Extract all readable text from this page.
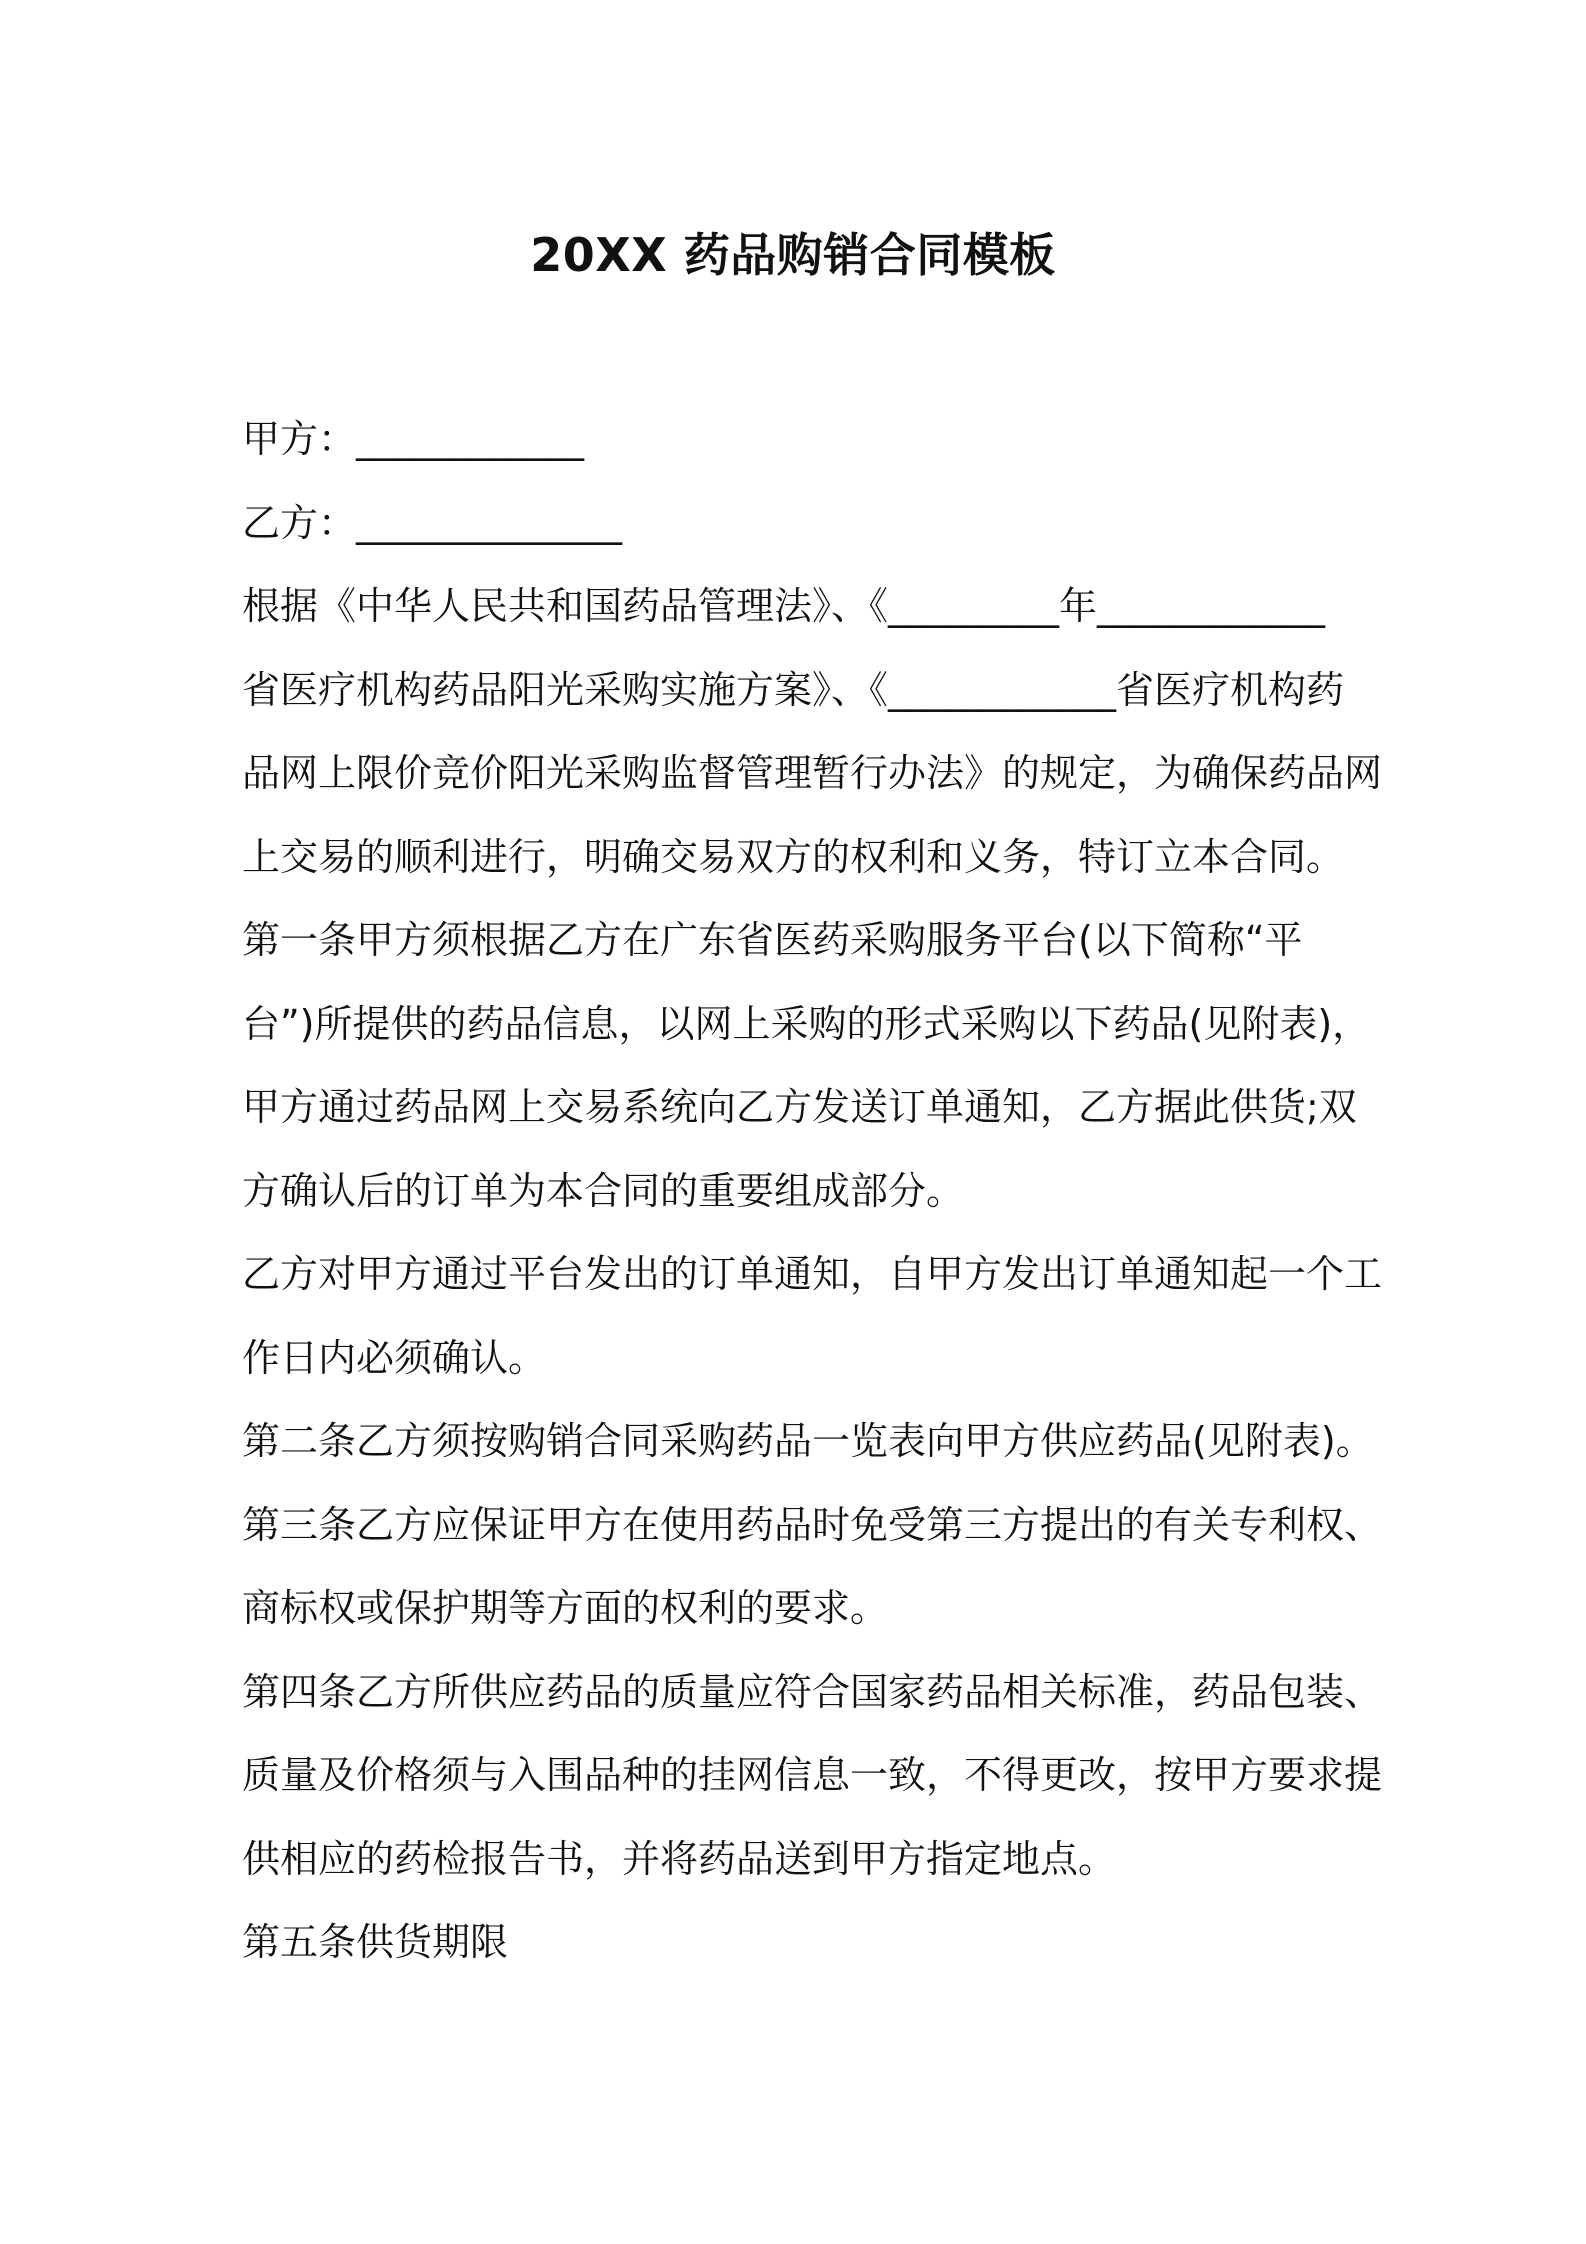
20XX 药品购销合同模板

甲方：____________

乙方：______________

根据《中华人民共和国药品管理法》、《_________年____________

省医疗机构药品阳光采购实施方案》、《____________省医疗机构药

品网上限价竞价阳光采购监督管理暂行办法》的规定，为确保药品网

上交易的顺利进行，明确交易双方的权利和义务，特订立本合同。

第一条甲方须根据乙方在广东省医药采购服务平台(以下简称“平

台”)所提供的药品信息，以网上采购的形式采购以下药品(见附表)，

甲方通过药品网上交易系统向乙方发送订单通知，乙方据此供货;双

方确认后的订单为本合同的重要组成部分。

乙方对甲方通过平台发出的订单通知，自甲方发出订单通知起一个工

作日内必须确认。

第二条乙方须按购销合同采购药品一览表向甲方供应药品(见附表)。

第三条乙方应保证甲方在使用药品时免受第三方提出的有关专利权、

商标权或保护期等方面的权利的要求。

第四条乙方所供应药品的质量应符合国家药品相关标准，药品包装、

质量及价格须与入围品种的挂网信息一致，不得更改，按甲方要求提

供相应的药检报告书，并将药品送到甲方指定地点。

第五条供货期限
